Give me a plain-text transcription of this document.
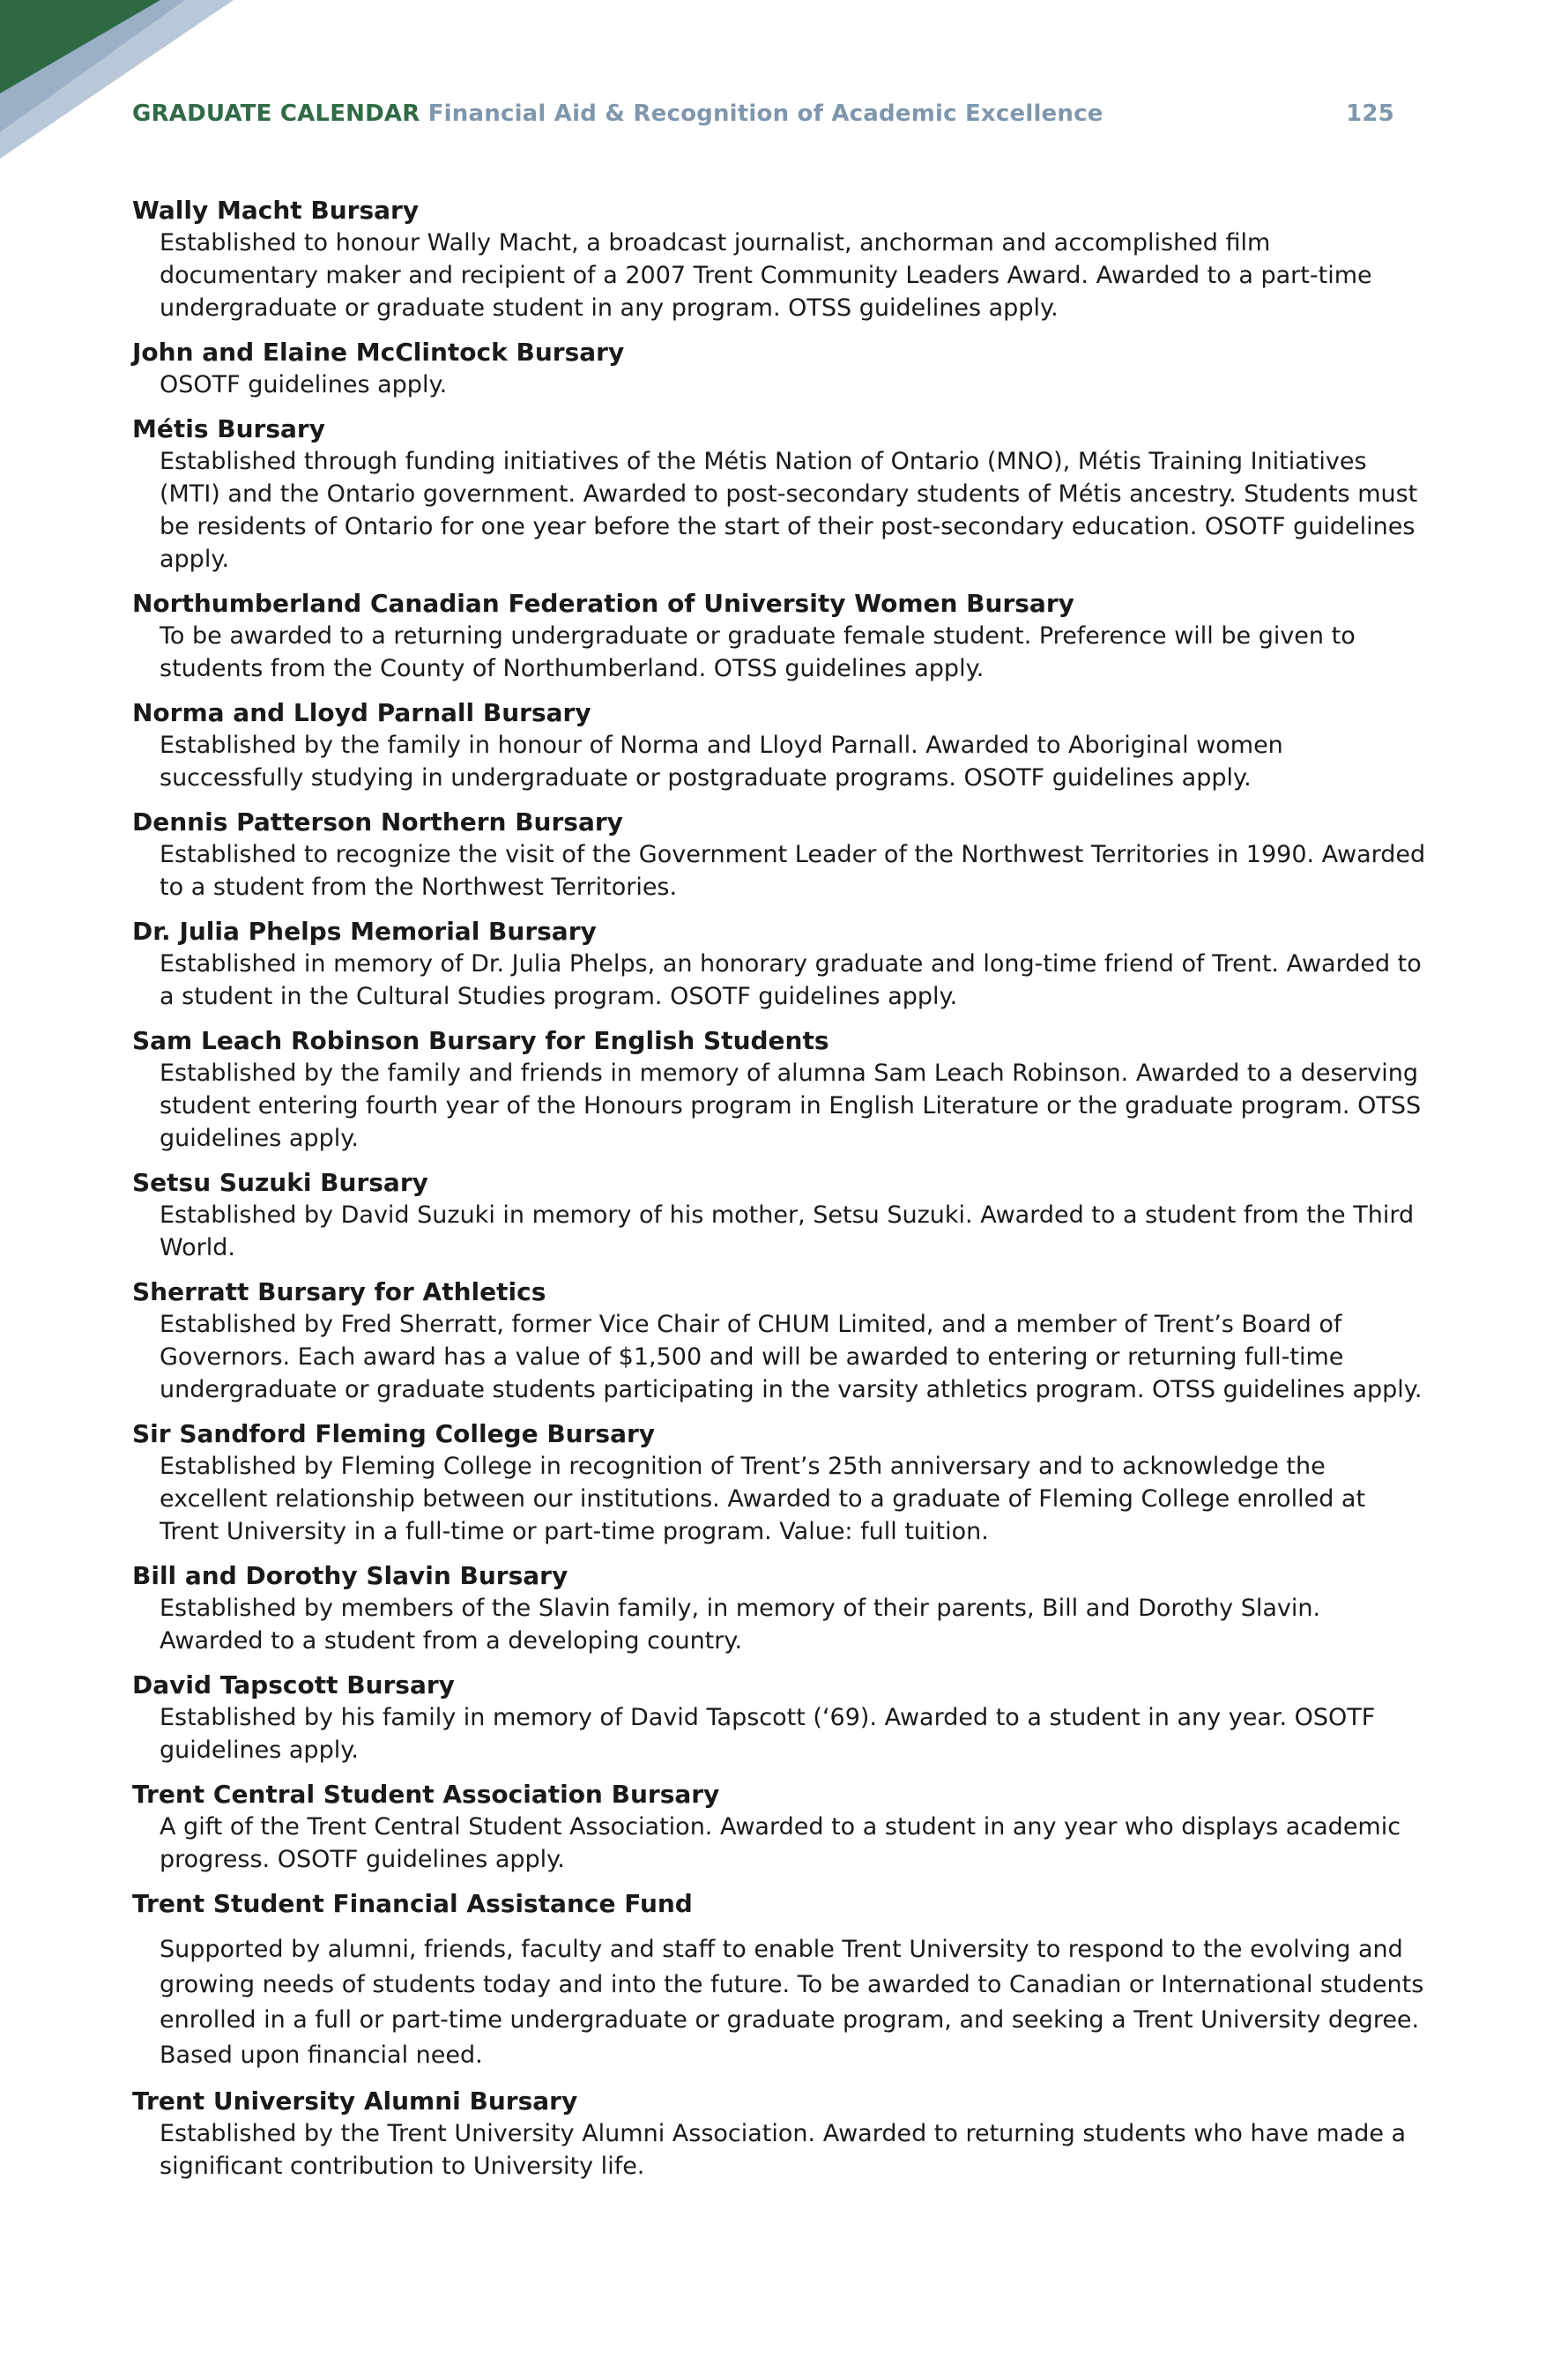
GRADUATE CALENDAR Financial Aid & Recognition of Academic Excellence	125
Wally Macht Bursary
Established to honour Wally Macht, a broadcast journalist, anchorman and accomplished film documentary maker and recipient of a 2007 Trent Community Leaders Award. Awarded to a part-time undergraduate or graduate student in any program. OTSS guidelines apply.
John and Elaine McClintock Bursary
OSOTF guidelines apply.
Métis Bursary
Established through funding initiatives of the Métis Nation of Ontario (MNO), Métis Training Initiatives (MTI) and the Ontario government. Awarded to post-secondary students of Métis ancestry. Students must be residents of Ontario for one year before the start of their post-secondary education. OSOTF guidelines apply.
Northumberland Canadian Federation of University Women Bursary
To be awarded to a returning undergraduate or graduate female student. Preference will be given to students from the County of Northumberland. OTSS guidelines apply.
Norma and Lloyd Parnall Bursary
Established by the family in honour of Norma and Lloyd Parnall. Awarded to Aboriginal women successfully studying in undergraduate or postgraduate programs. OSOTF guidelines apply.
Dennis Patterson Northern Bursary
Established to recognize the visit of the Government Leader of the Northwest Territories in 1990. Awarded to a student from the Northwest Territories.
Dr. Julia Phelps Memorial Bursary
Established in memory of Dr. Julia Phelps, an honorary graduate and long-time friend of Trent. Awarded to a student in the Cultural Studies program. OSOTF guidelines apply.
Sam Leach Robinson Bursary for English Students
Established by the family and friends in memory of alumna Sam Leach Robinson. Awarded to a deserving student entering fourth year of the Honours program in English Literature or the graduate program. OTSS guidelines apply.
Setsu Suzuki Bursary
Established by David Suzuki in memory of his mother, Setsu Suzuki. Awarded to a student from the Third World.
Sherratt Bursary for Athletics
Established by Fred Sherratt, former Vice Chair of CHUM Limited, and a member of Trent’s Board of Governors. Each award has a value of $1,500 and will be awarded to entering or returning full-time undergraduate or graduate students participating in the varsity athletics program. OTSS guidelines apply.
Sir Sandford Fleming College Bursary
Established by Fleming College in recognition of Trent’s 25th anniversary and to acknowledge the excellent relationship between our institutions. Awarded to a graduate of Fleming College enrolled at Trent University in a full-time or part-time program. Value: full tuition.
Bill and Dorothy Slavin Bursary
Established by members of the Slavin family, in memory of their parents, Bill and Dorothy Slavin. Awarded to a student from a developing country.
David Tapscott Bursary
Established by his family in memory of David Tapscott (‘69). Awarded to a student in any year. OSOTF guidelines apply.
Trent Central Student Association Bursary
A gift of the Trent Central Student Association. Awarded to a student in any year who displays academic progress. OSOTF guidelines apply.
Trent Student Financial Assistance Fund
Supported by alumni, friends, faculty and staff to enable Trent University to respond to the evolving and growing needs of students today and into the future. To be awarded to Canadian or International students enrolled in a full or part-time undergraduate or graduate program, and seeking a Trent University degree. Based upon financial need.
Trent University Alumni Bursary
Established by the Trent University Alumni Association. Awarded to returning students who have made a significant contribution to University life.
